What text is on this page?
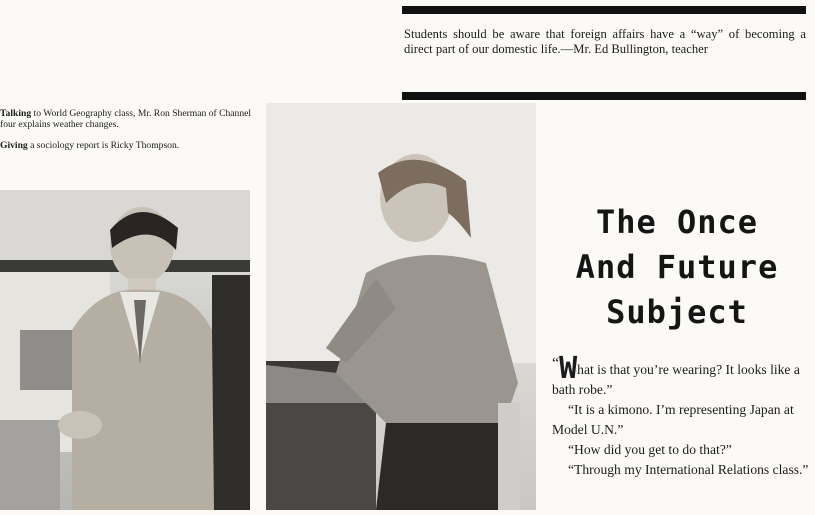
Students should be aware that foreign affairs have a “way” of becoming a direct part of our domestic life.—Mr. Ed Bullington, teacher

Talking to World Geography class, Mr. Ron Sherman of Channel four explains weather changes.

Giving a sociology report is Ricky Thompson.

The Once
And Future
Subject

“What is that you’re wearing? It looks like a bath robe.”

“It is a kimono. I’m representing Japan at Model U.N.”

“How did you get to do that?”

“Through my International Relations class.”
